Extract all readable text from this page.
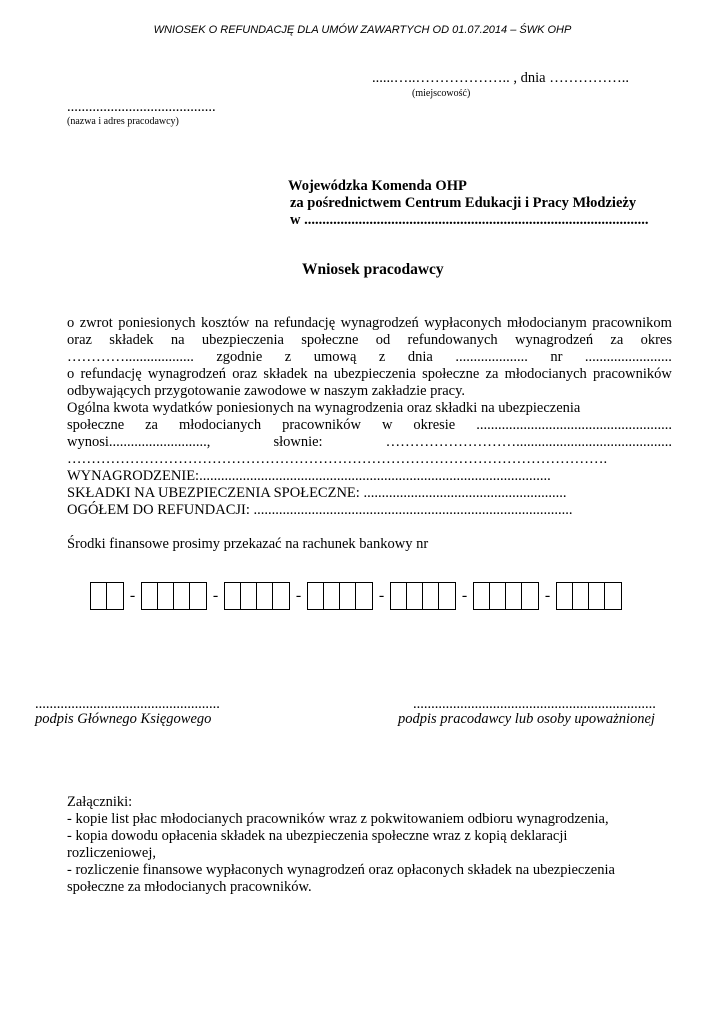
WNIOSEK O REFUNDACJĘ DLA UMÓW ZAWARTYCH OD 01.07.2014 – ŚWK OHP
......…..……………….. , dnia ……………..
(miejscowość)
.........................................
(nazwa i adres pracodawcy)
Wojewódzka Komenda OHP
za pośrednictwem Centrum Edukacji i Pracy Młodzieży
w ...............................................................................................
Wniosek pracodawcy
o zwrot poniesionych kosztów na refundację wynagrodzeń wypłaconych młodocianym pracownikom
oraz składek na ubezpieczenia społeczne od refundowanych wynagrodzeń za okres
…………................... zgodnie z umową z dnia .................... nr ........................
o refundację wynagrodzeń oraz składek na ubezpieczenia społeczne za młodocianych pracowników
odbywających przygotowanie zawodowe w naszym zakładzie pracy.
Ogólna kwota wydatków poniesionych na wynagrodzenia oraz składki na ubezpieczenia
społeczne za młodocianych pracowników w okresie ......................................................
wynosi...........................,	słownie:	………………………...........................................
………………………………………………………………………………………………….
WYNAGRODZENIE:.................................................................................................
SKŁADKI NA UBEZPIECZENIA SPOŁECZNE: ........................................................
OGÓŁEM DO REFUNDACJI: ........................................................................................
Środki finansowe prosimy przekazać na rachunek bankowy nr
-	-	-	-	-	-
...................................................
podpis Głównego Księgowego
...................................................................
podpis pracodawcy lub osoby upoważnionej
Załączniki:
- kopie list płac młodocianych pracowników wraz z pokwitowaniem odbioru wynagrodzenia,
- kopia dowodu opłacenia składek na ubezpieczenia społeczne wraz z kopią deklaracji
rozliczeniowej,
- rozliczenie finansowe wypłaconych wynagrodzeń oraz opłaconych składek na ubezpieczenia
społeczne za młodocianych pracowników.
